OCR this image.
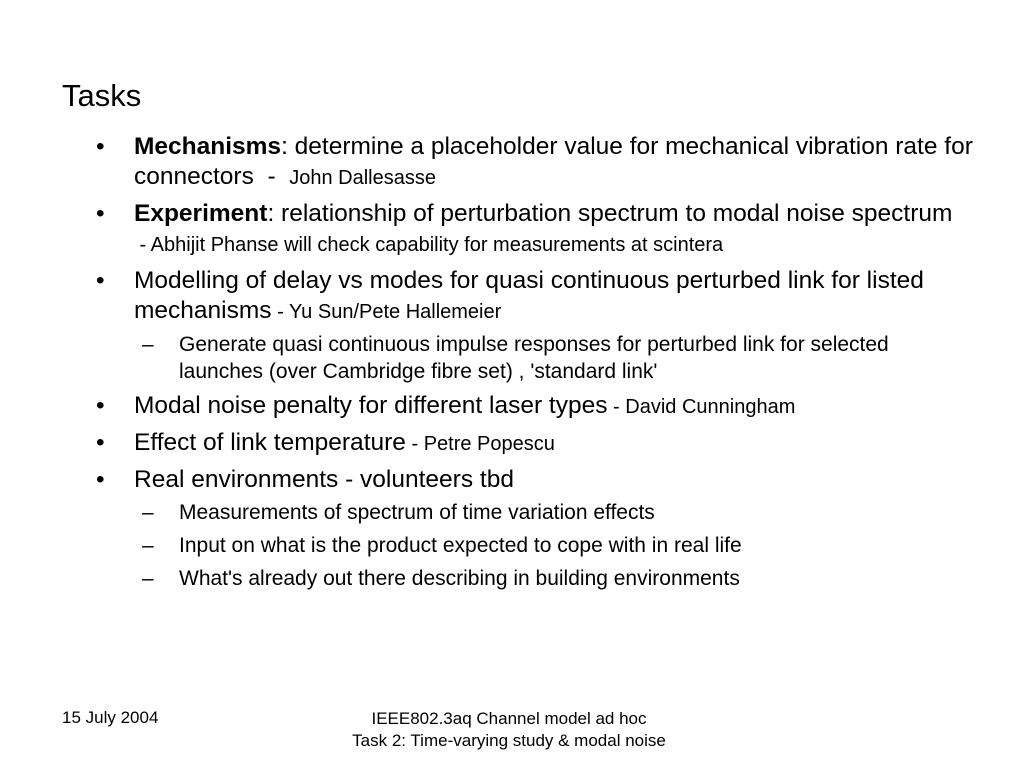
Tasks
•	Mechanisms: determine a placeholder value for mechanical vibration rate for connectors  -  John Dallesasse
•	Experiment: relationship of perturbation spectrum to modal noise spectrum - Abhijit Phanse will check capability for measurements at scintera
•	Modelling of delay vs modes for quasi continuous perturbed link for listed mechanisms - Yu Sun/Pete Hallemeier
–	Generate quasi continuous impulse responses for perturbed link for selected launches (over Cambridge fibre set) , 'standard link'
•	Modal noise penalty for different laser types - David Cunningham
•	Effect of link temperature - Petre Popescu
•	Real environments - volunteers tbd
–	Measurements of spectrum of time variation effects
–	Input on what is the product expected to cope with in real life
–	What's already out there describing in building environments
15 July 2004	IEEE802.3aq Channel model ad hoc
Task 2: Time-varying study & modal noise
